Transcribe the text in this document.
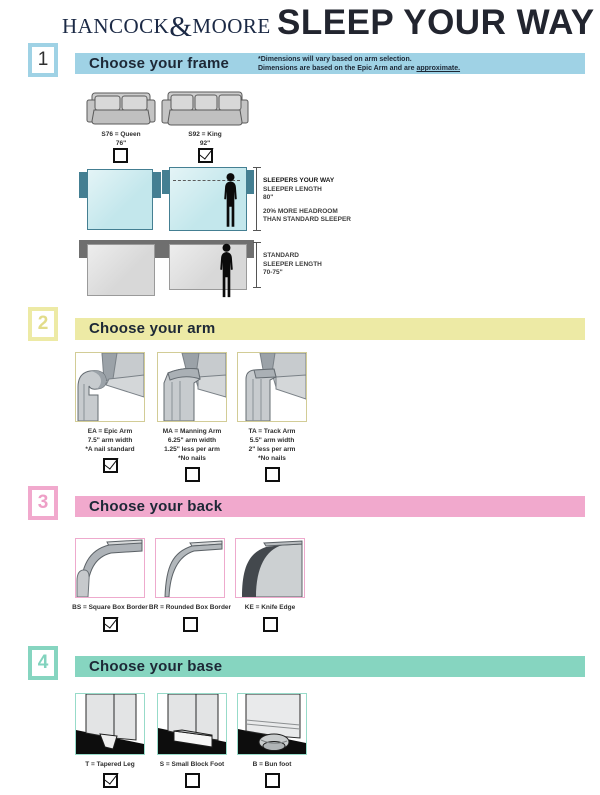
HANCOCK&MOORE SLEEP YOUR WAY
1	Choose your frame	*Dimensions will vary based on arm selection.
Dimensions are based on the Epic Arm and are approximate.
S76 = Queen
76"
S92 = King
92"
SLEEPERS YOUR WAY
SLEEPER LENGTH
80"
20% MORE HEADROOM
THAN STANDARD SLEEPER
STANDARD
SLEEPER LENGTH
70-75"
2	Choose your arm
EA = Epic Arm
7.5" arm width
*A nail standard
MA = Manning Arm
6.25" arm width
1.25" less per arm
*No nails
TA = Track Arm
5.5" arm width
2" less per arm
*No nails
3	Choose your back
BS = Square Box Border BR = Rounded Box Border	KE = Knife Edge
4	Choose your base
T = Tapered Leg	S = Small Block Foot	B = Bun foot
